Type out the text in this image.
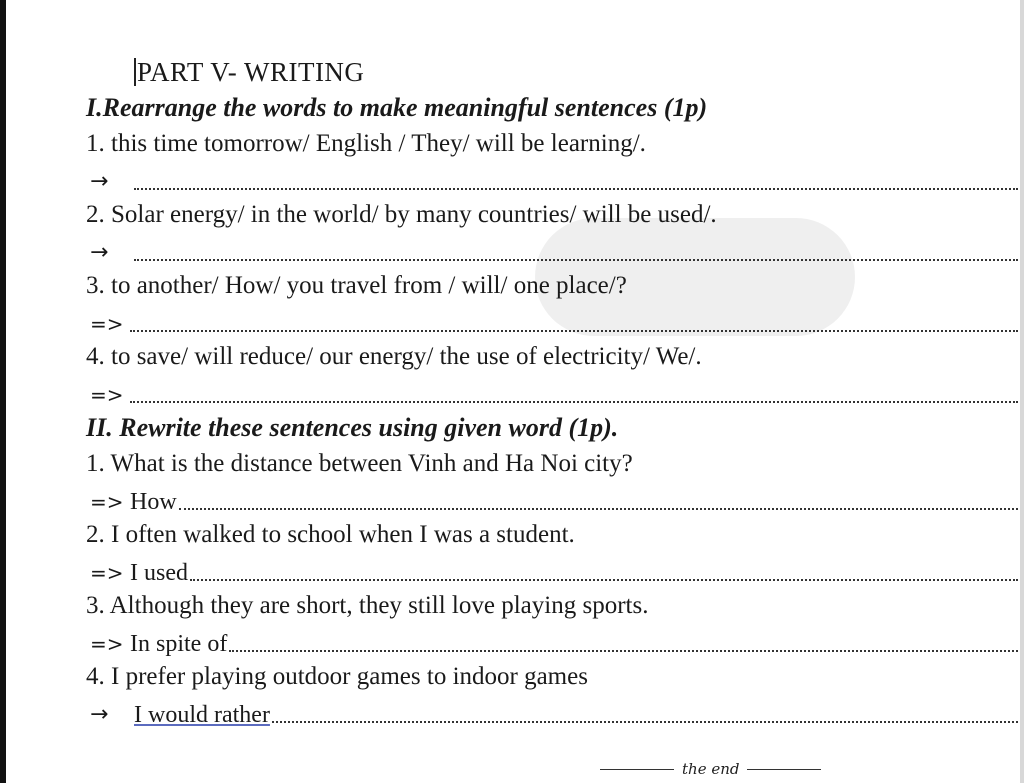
PART V- WRITING
I.Rearrange the words to make meaningful sentences (1p)
1. this time tomorrow/ English / They/ will be learning/.
→
2. Solar energy/ in the world/ by many countries/ will be used/.
→
3. to another/ How/ you travel from / will/ one place/?
=>
4. to save/ will reduce/ our energy/ the use of electricity/ We/.
=>
II. Rewrite these sentences using given word (1p).
1. What is the distance between Vinh and Ha Noi city?
=> How
2. I often walked to school when I was a student.
=> I used
3. Although they are short, they still love playing sports.
=> In spite of
4. I prefer playing outdoor games to indoor games
→	I would rather
the end
